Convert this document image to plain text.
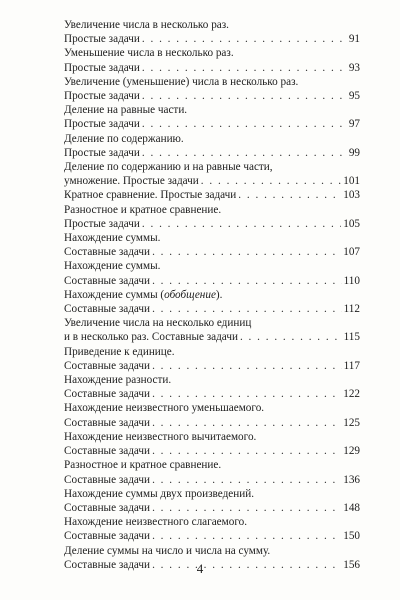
Увеличение числа в несколько раз.
Простые задачи . . .	91
Уменьшение числа в несколько раз.
Простые задачи . . .	93
Увеличение (уменьшение) числа в несколько раз.
Простые задачи . . .	95
Деление на равные части.
Простые задачи . . .	97
Деление по содержанию.
Простые задачи . . .	99
Деление по содержанию и на равные части,
умножение. Простые задачи . . .	101
Кратное сравнение. Простые задачи . . .	103
Разностное и кратное сравнение.
Простые задачи . . .	105
Нахождение суммы.
Составные задачи . . .	107
Нахождение суммы.
Составные задачи . . .	110
Нахождение суммы (обобщение).
Составные задачи . . .	112
Увеличение числа на несколько единиц
и в несколько раз. Составные задачи . . .	115
Приведение к единице.
Составные задачи . . .	117
Нахождение разности.
Составные задачи . . .	122
Нахождение неизвестного уменьшаемого.
Составные задачи . . .	125
Нахождение неизвестного вычитаемого.
Составные задачи . . .	129
Разностное и кратное сравнение.
Составные задачи . . .	136
Нахождение суммы двух произведений.
Составные задачи . . .	148
Нахождение неизвестного слагаемого.
Составные задачи . . .	150
Деление суммы на число и числа на сумму.
Составные задачи . . .	156
4
